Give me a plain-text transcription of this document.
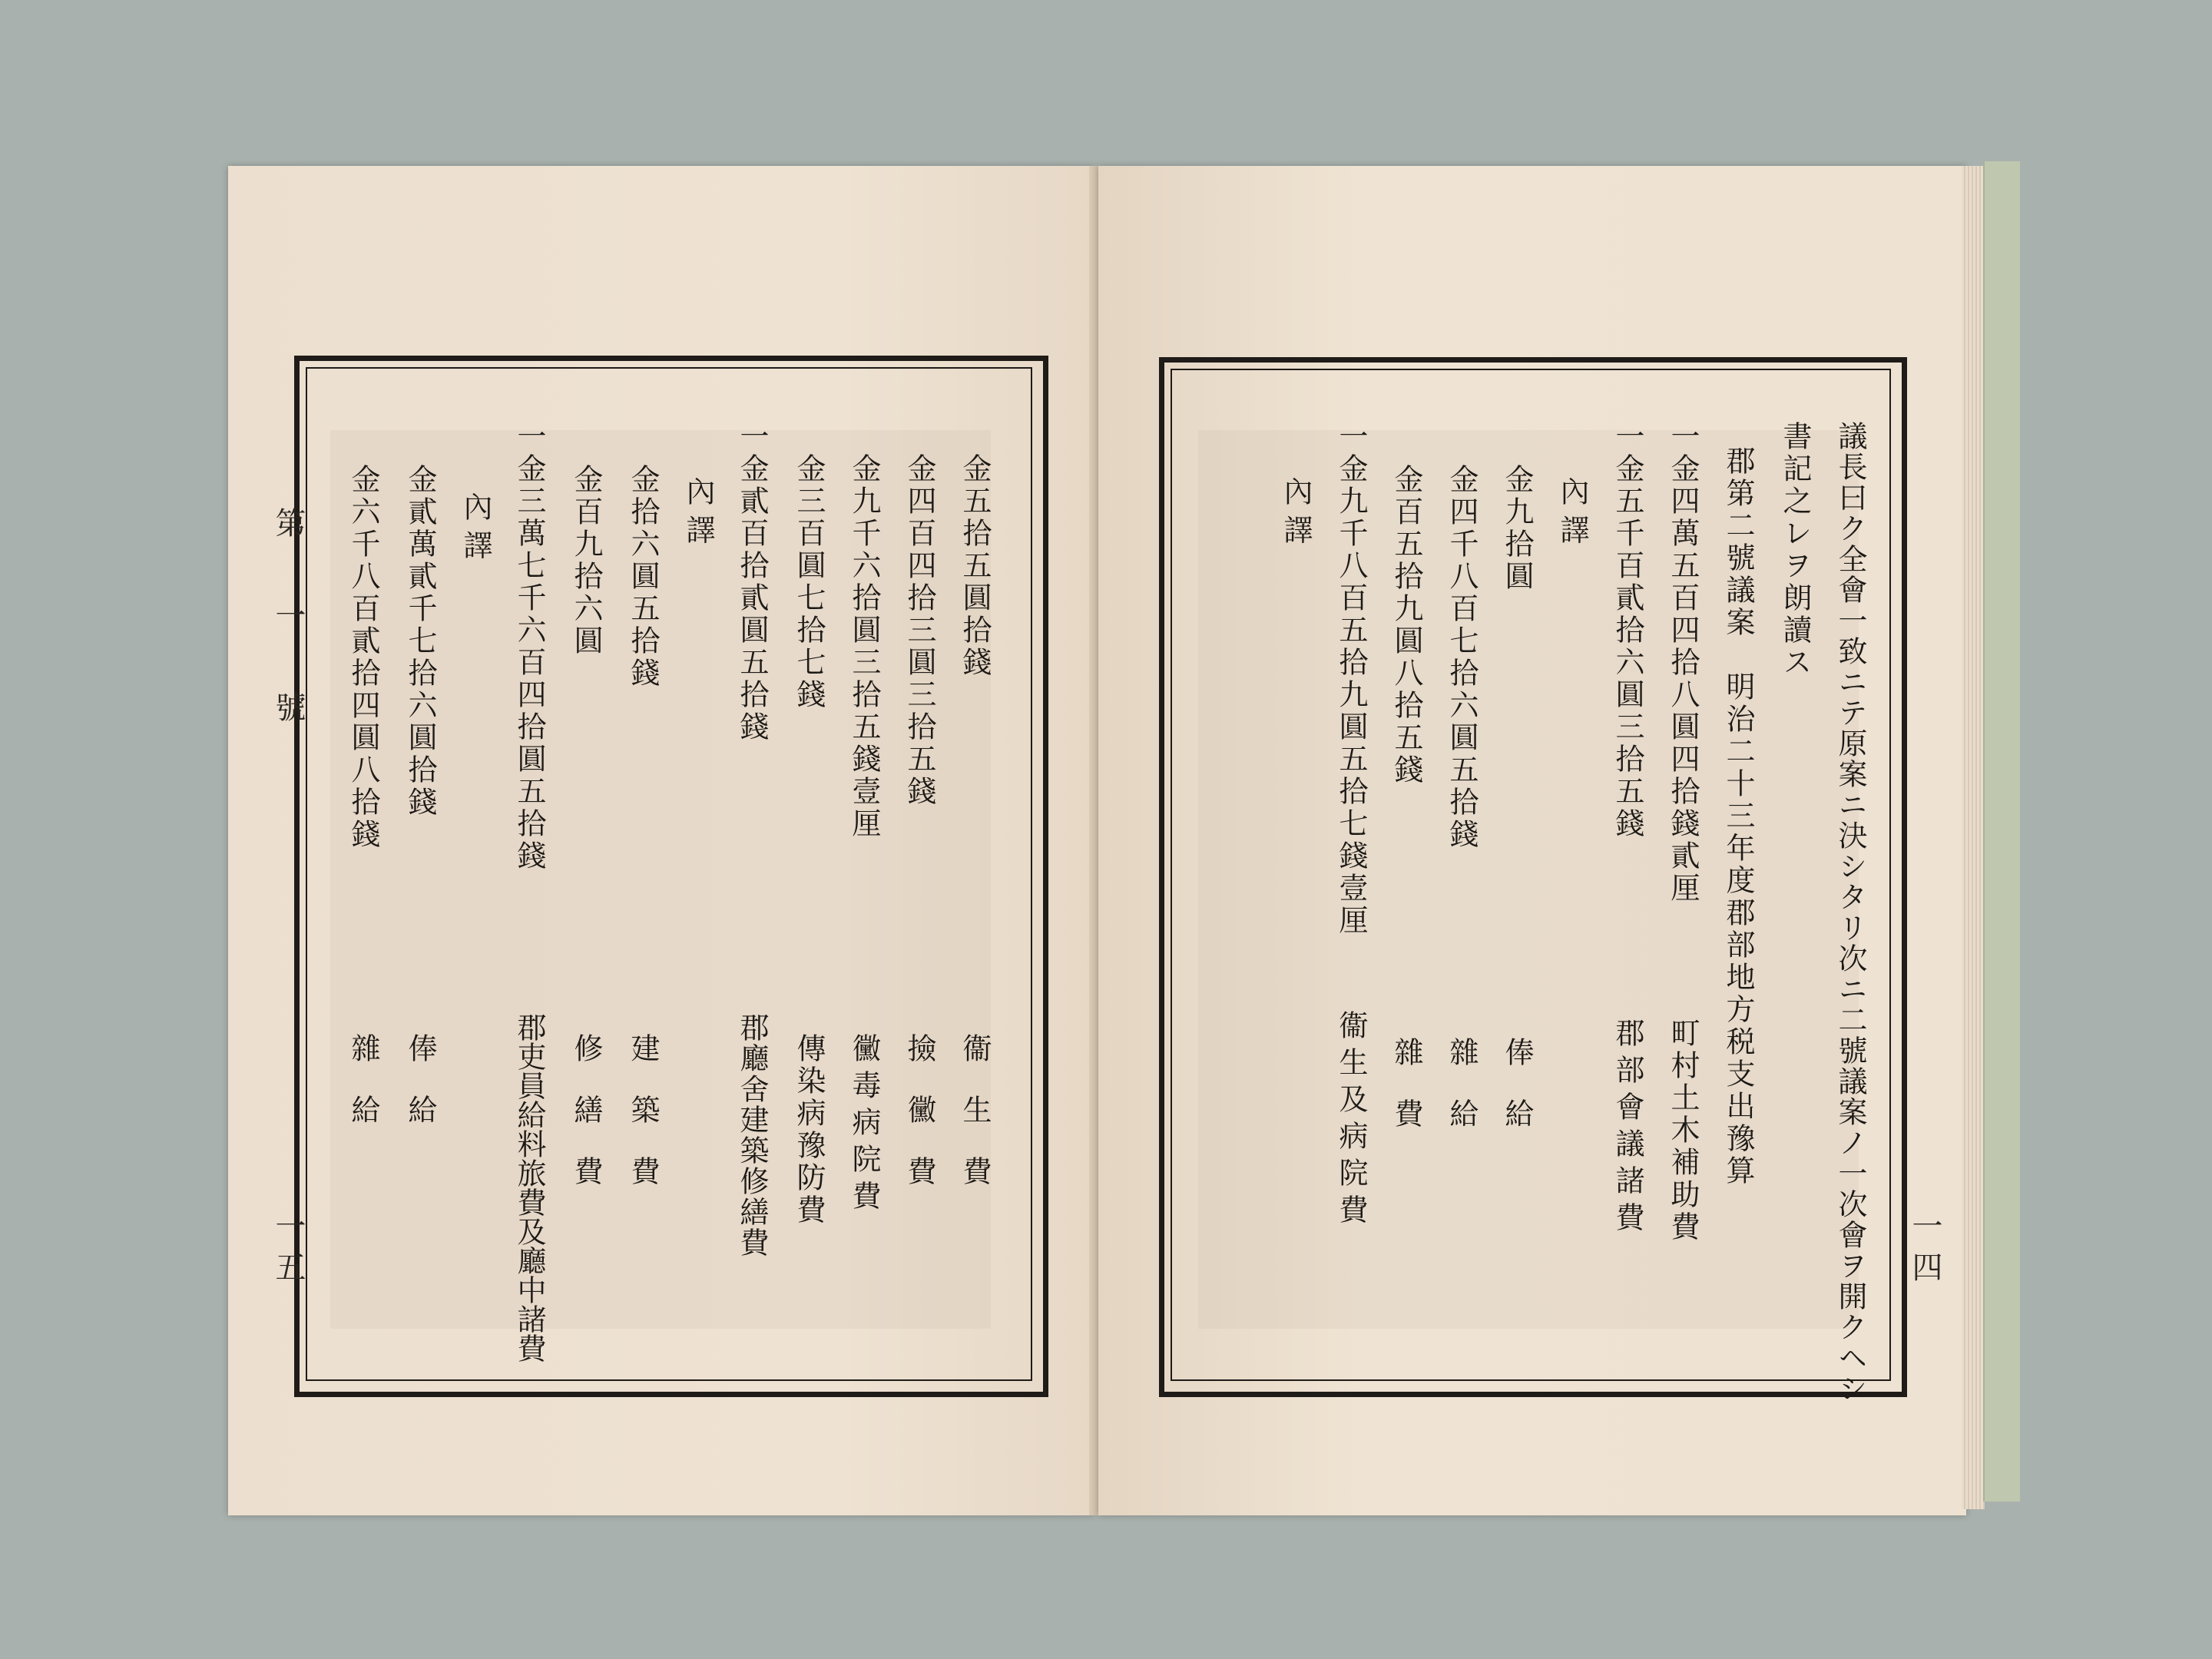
第一號
一五
金五拾五圓拾錢
衞生費
金四百四拾三圓三拾五錢
撿黴費
金九千六拾圓三拾五錢壹厘
黴毒病院費
金三百圓七拾七錢
傳染病豫防費
一金貳百拾貳圓五拾錢
郡廳舍建築修繕費
內譯
金拾六圓五拾錢
建築費
金百九拾六圓
修繕費
一金三萬七千六百四拾圓五拾錢
郡吏員給料旅費及廳中諸費
內譯
金貳萬貳千七拾六圓拾錢
俸給
金六千八百貳拾四圓八拾錢
雜給
一四
議長曰ク全會一致ニテ原案ニ決シタリ次ニ二號議案ノ一次會ヲ開クヘシ
書記之レヲ朗讀ス
郡第二號議案　明治二十三年度郡部地方税支出豫算
一金四萬五百四拾八圓四拾錢貳厘
町村土木補助費
一金五千百貳拾六圓三拾五錢
郡部會議諸費
內譯
金九拾圓
俸給
金四千八百七拾六圓五拾錢
雜給
金百五拾九圓八拾五錢
雜費
一金九千八百五拾九圓五拾七錢壹厘
衞生及病院費
內譯
